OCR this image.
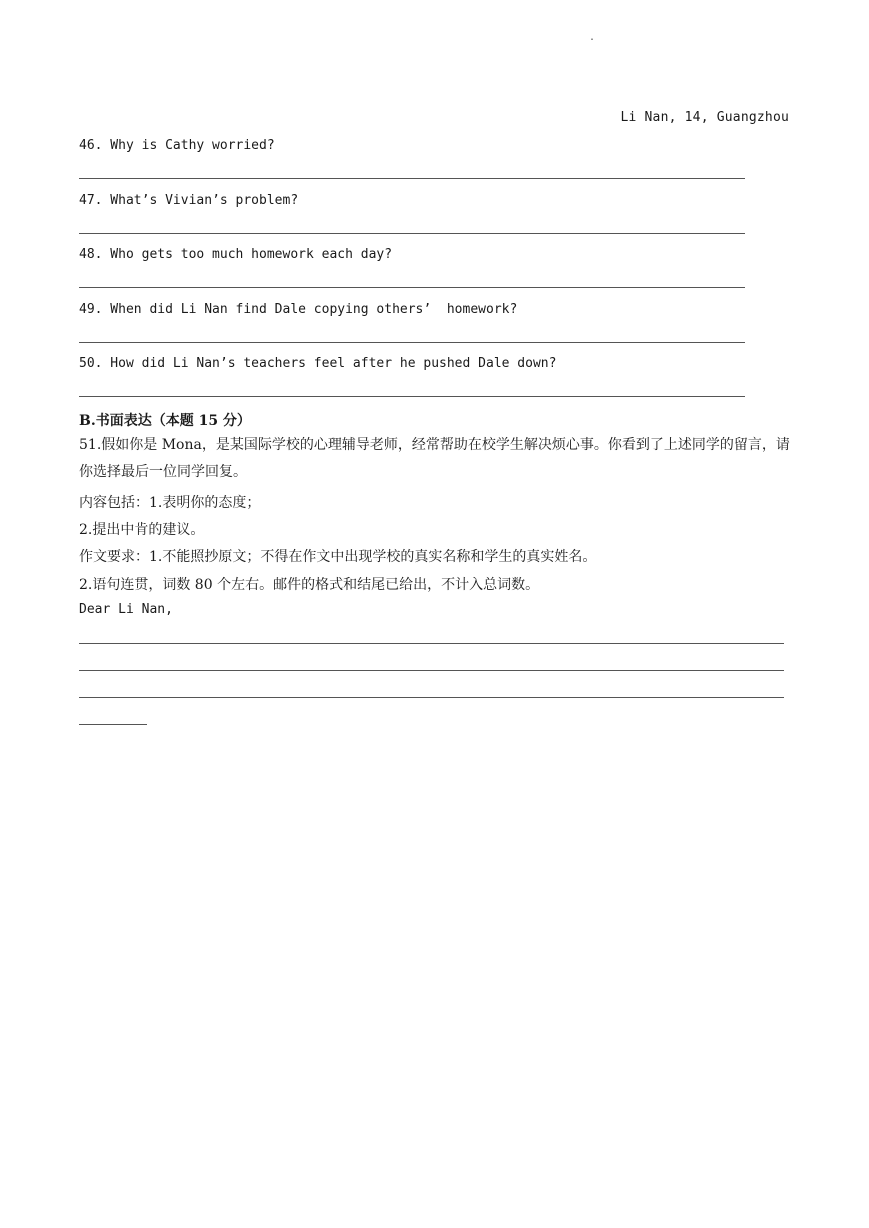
.
Li Nan, 14, Guangzhou
46. Why is Cathy worried?
47. What’s Vivian’s problem?
48. Who gets too much homework each day?
49. When did Li Nan find Dale copying others’  homework?
50. How did Li Nan’s teachers feel after he pushed Dale down?
B.书面表达（本题 15 分）
51.假如你是 Mona，是某国际学校的心理辅导老师，经常帮助在校学生解决烦心事。你看到了上述同学的留言，请你选择最后一位同学回复。
内容包括：1.表明你的态度；
2.提出中肯的建议。
作文要求：1.不能照抄原文；不得在作文中出现学校的真实名称和学生的真实姓名。
2.语句连贯，词数 80 个左右。邮件的格式和结尾已给出，不计入总词数。
Dear Li Nan,
